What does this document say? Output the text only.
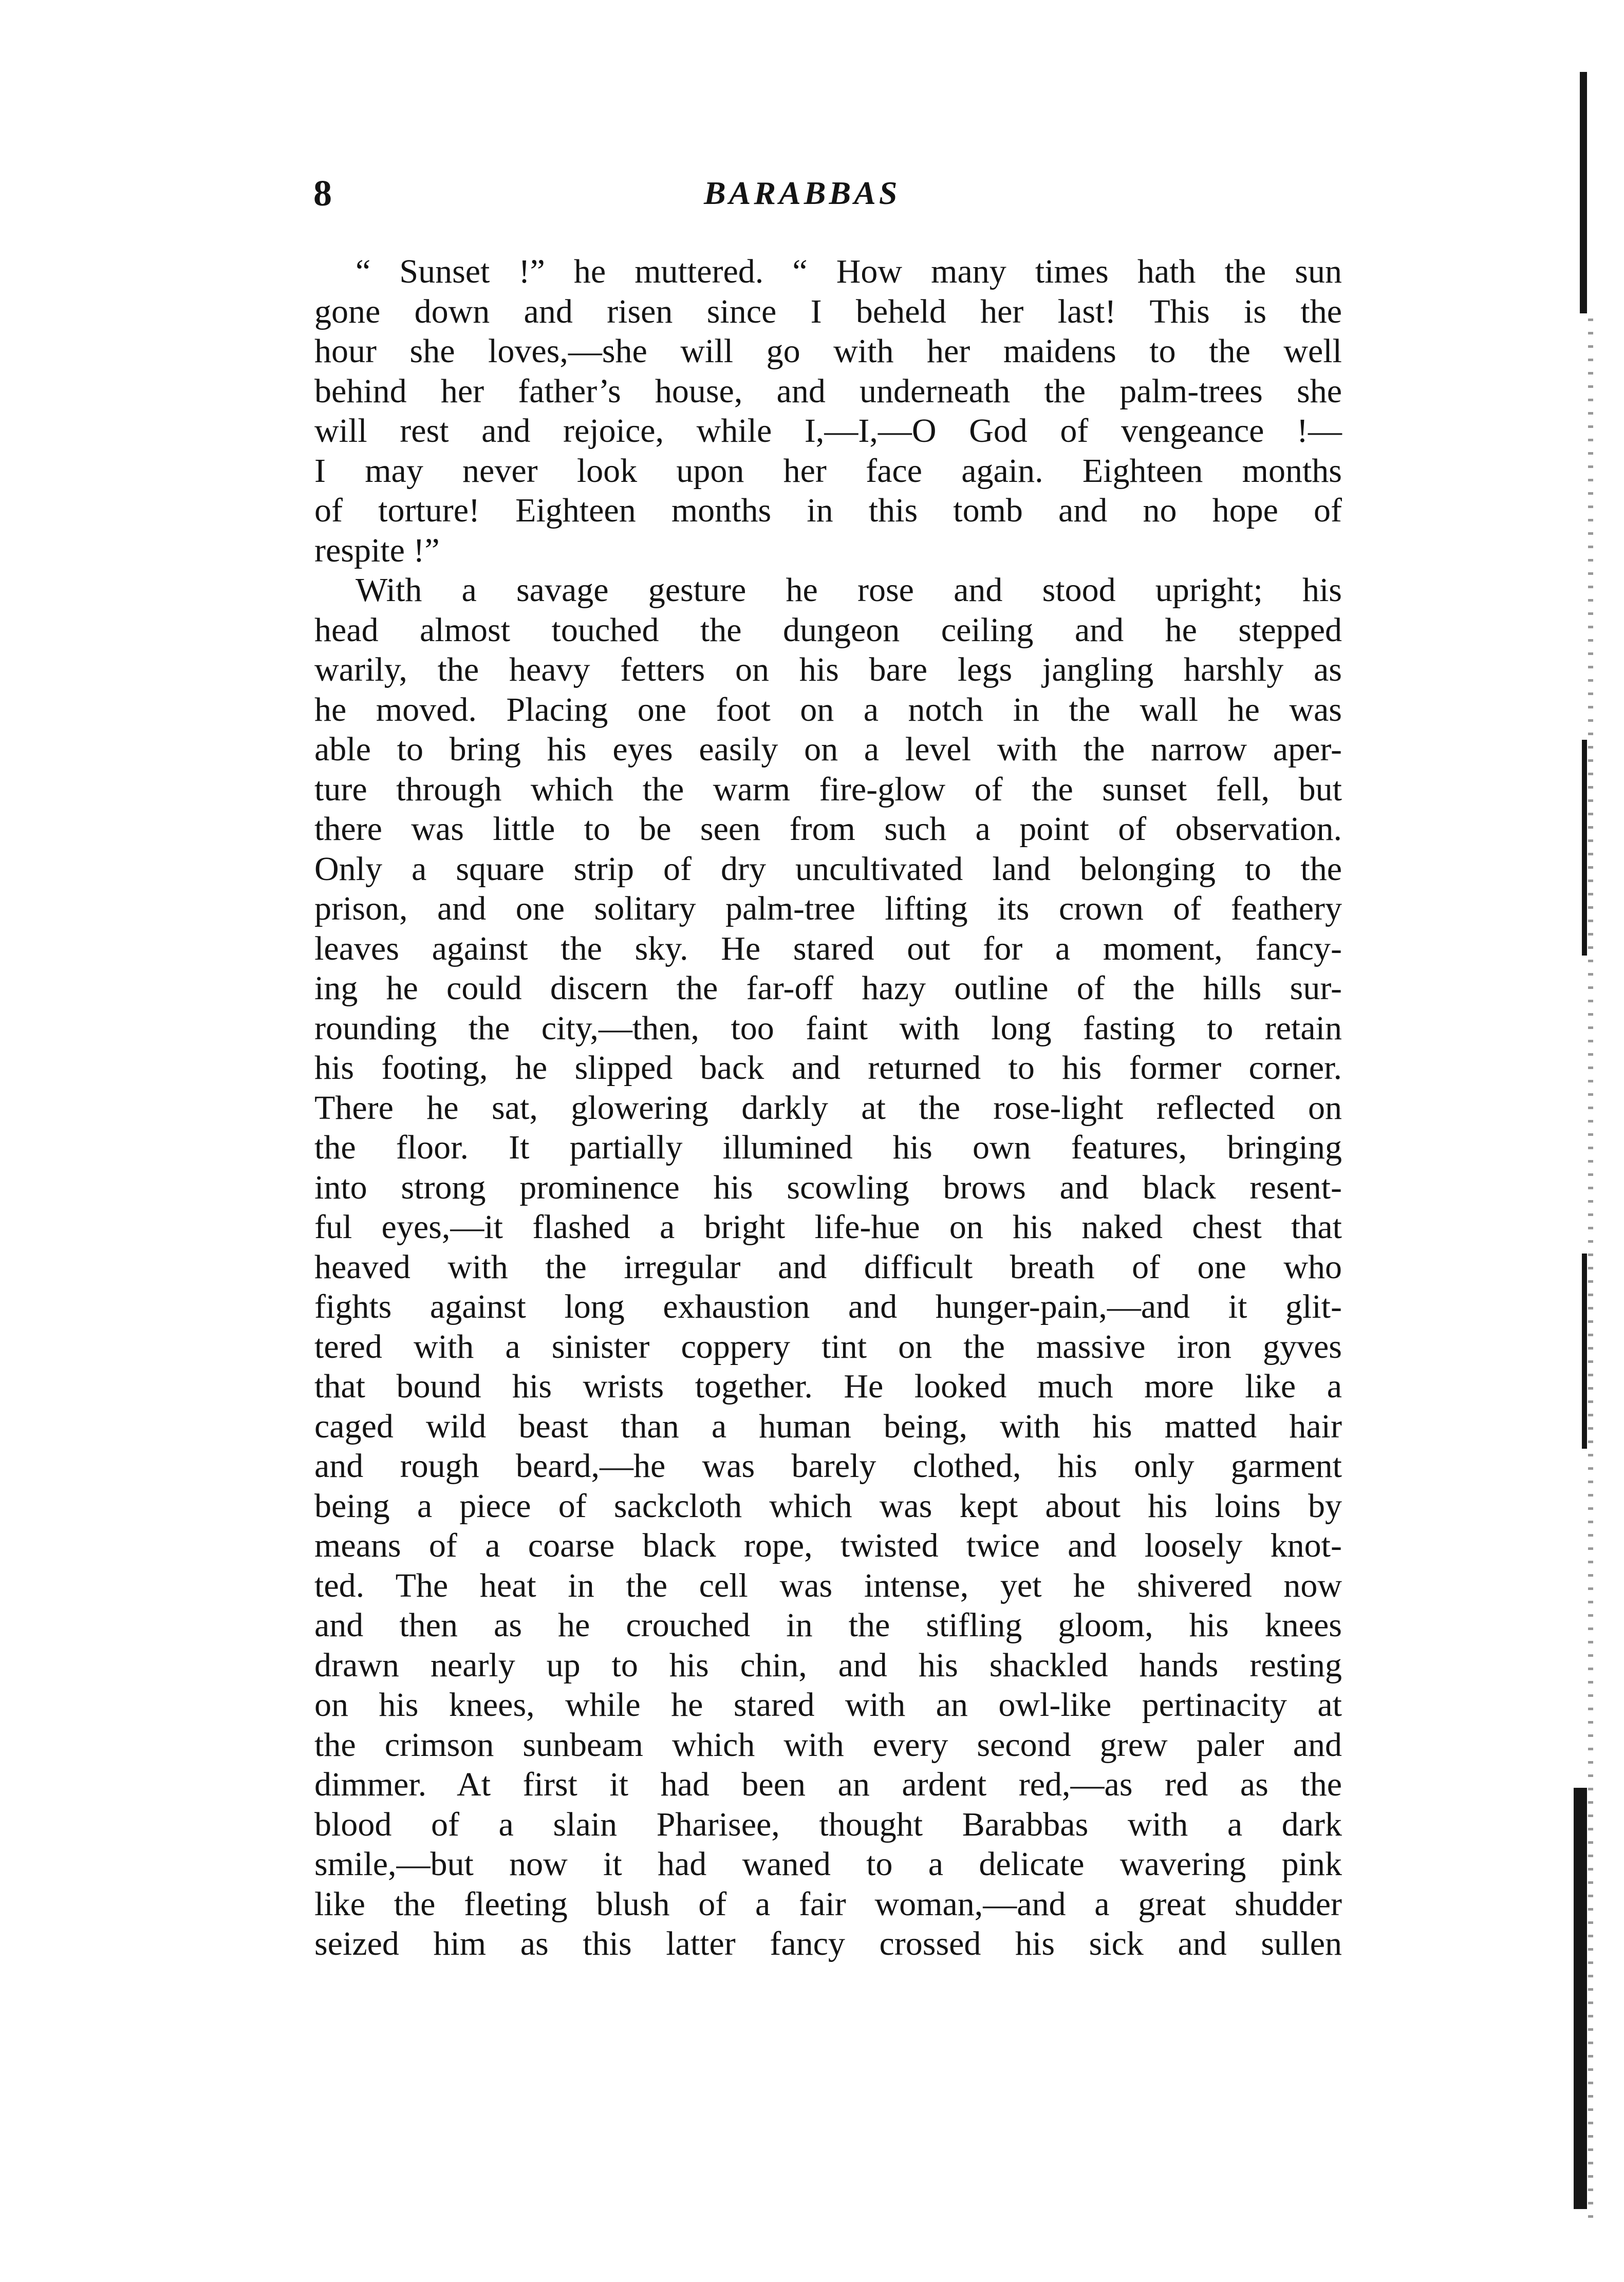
8	BARABBAS
“ Sunset !” he muttered. “ How many times hath the sun
gone down and risen since I beheld her last! This is the
hour she loves,—she will go with her maidens to the well
behind her father’s house, and underneath the palm-trees she
will rest and rejoice, while I,—I,—O God of vengeance !—
I may never look upon her face again. Eighteen months
of torture! Eighteen months in this tomb and no hope of
respite !”
With a savage gesture he rose and stood upright; his
head almost touched the dungeon ceiling and he stepped
warily, the heavy fetters on his bare legs jangling harshly as
he moved. Placing one foot on a notch in the wall he was
able to bring his eyes easily on a level with the narrow aper-
ture through which the warm fire-glow of the sunset fell, but
there was little to be seen from such a point of observation.
Only a square strip of dry uncultivated land belonging to the
prison, and one solitary palm-tree lifting its crown of feathery
leaves against the sky. He stared out for a moment, fancy-
ing he could discern the far-off hazy outline of the hills sur-
rounding the city,—then, too faint with long fasting to retain
his footing, he slipped back and returned to his former corner.
There he sat, glowering darkly at the rose-light reflected on
the floor. It partially illumined his own features, bringing
into strong prominence his scowling brows and black resent-
ful eyes,—it flashed a bright life-hue on his naked chest that
heaved with the irregular and difficult breath of one who
fights against long exhaustion and hunger-pain,—and it glit-
tered with a sinister coppery tint on the massive iron gyves
that bound his wrists together. He looked much more like a
caged wild beast than a human being, with his matted hair
and rough beard,—he was barely clothed, his only garment
being a piece of sackcloth which was kept about his loins by
means of a coarse black rope, twisted twice and loosely knot-
ted. The heat in the cell was intense, yet he shivered now
and then as he crouched in the stifling gloom, his knees
drawn nearly up to his chin, and his shackled hands resting
on his knees, while he stared with an owl-like pertinacity at
the crimson sunbeam which with every second grew paler and
dimmer. At first it had been an ardent red,—as red as the
blood of a slain Pharisee, thought Barabbas with a dark
smile,—but now it had waned to a delicate wavering pink
like the fleeting blush of a fair woman,—and a great shudder
seized him as this latter fancy crossed his sick and sullen
